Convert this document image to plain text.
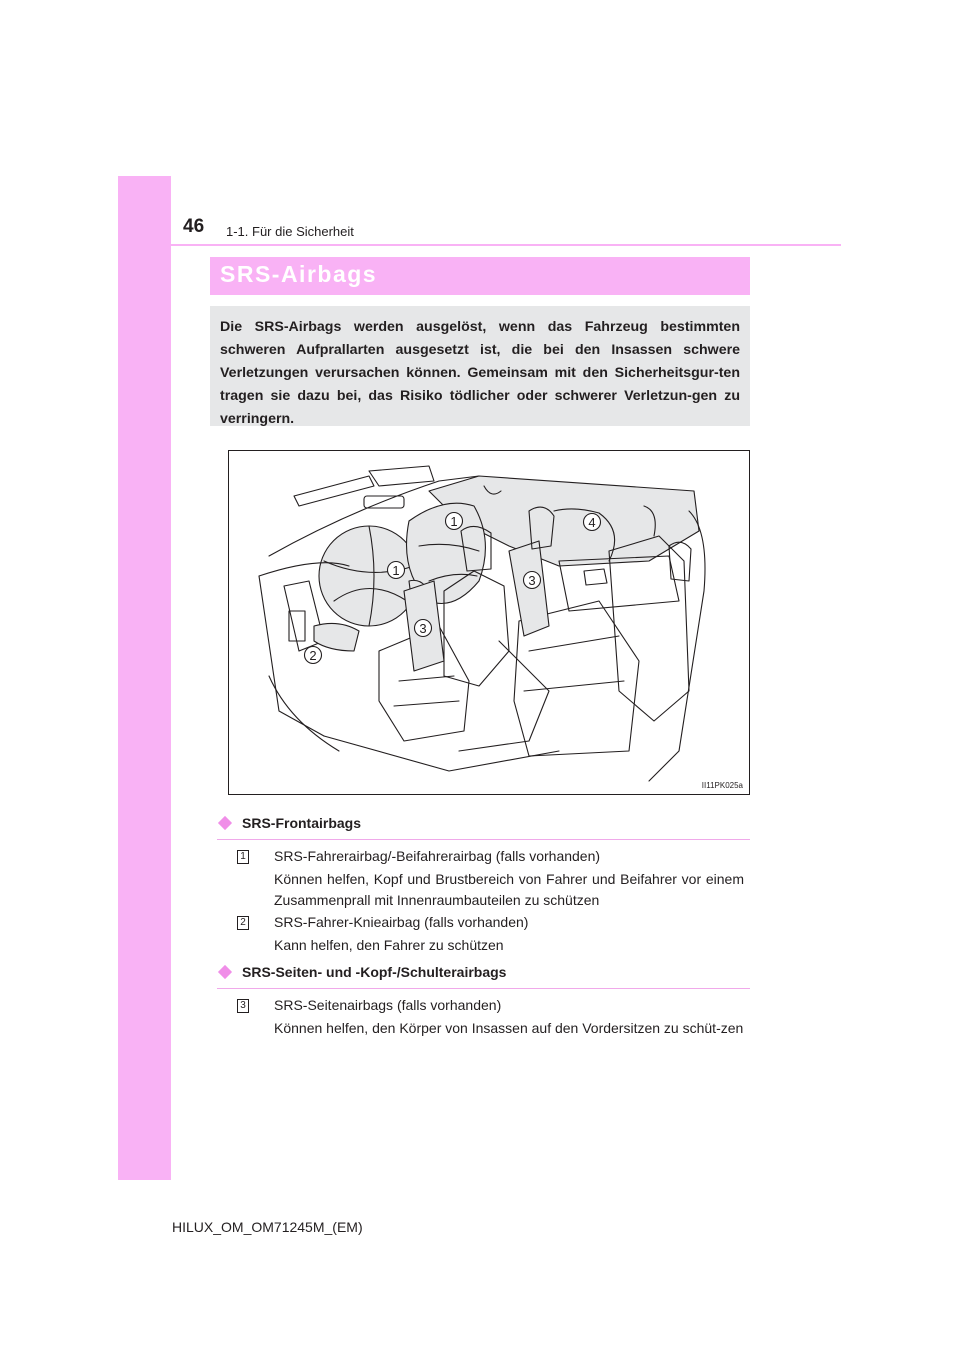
46 1-1. Für die Sicherheit
SRS-Airbags

Die SRS-Airbags werden ausgelöst, wenn das Fahrzeug bestimmten schweren Aufprallarten ausgesetzt ist, die bei den Insassen schwere Verletzungen verursachen können. Gemeinsam mit den Sicherheitsgur-ten tragen sie dazu bei, das Risiko tödlicher oder schwerer Verletzun-gen zu verringern.

1	4
1
3
3
2
II11PK025a
SRS-Frontairbags
1 SRS-Fahrerairbag/-Beifahrerairbag (falls vorhanden)
Können helfen, Kopf und Brustbereich von Fahrer und Beifahrer vor einem Zusammenprall mit Innenraumbauteilen zu schützen
2 SRS-Fahrer-Knieairbag (falls vorhanden)
Kann helfen, den Fahrer zu schützen
SRS-Seiten- und -Kopf-/Schulterairbags
3 SRS-Seitenairbags (falls vorhanden)
Können helfen, den Körper von Insassen auf den Vordersitzen zu schüt-zen
HILUX_OM_OM71245M_(EM)
